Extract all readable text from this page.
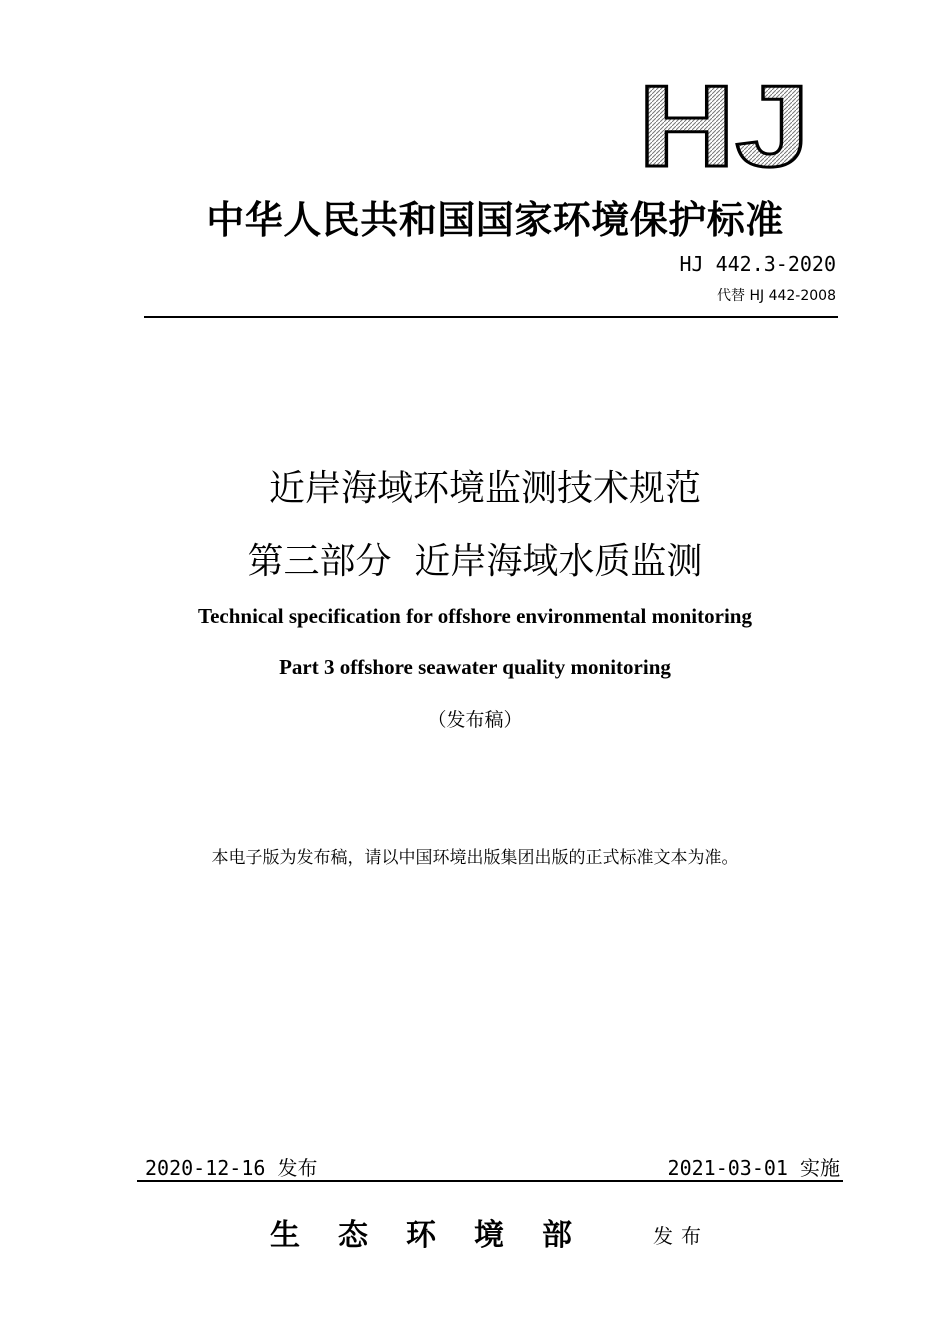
HJ
中华人民共和国国家环境保护标准
HJ 442.3-2020
代替 HJ 442-2008
近岸海域环境监测技术规范
第三部分  近岸海域水质监测
Technical specification for offshore environmental monitoring
Part 3 offshore seawater quality monitoring
（发布稿）
本电子版为发布稿，请以中国环境出版集团出版的正式标准文本为准。
2020-12-16 发布	2021-03-01 实施
生态环境部 发布
